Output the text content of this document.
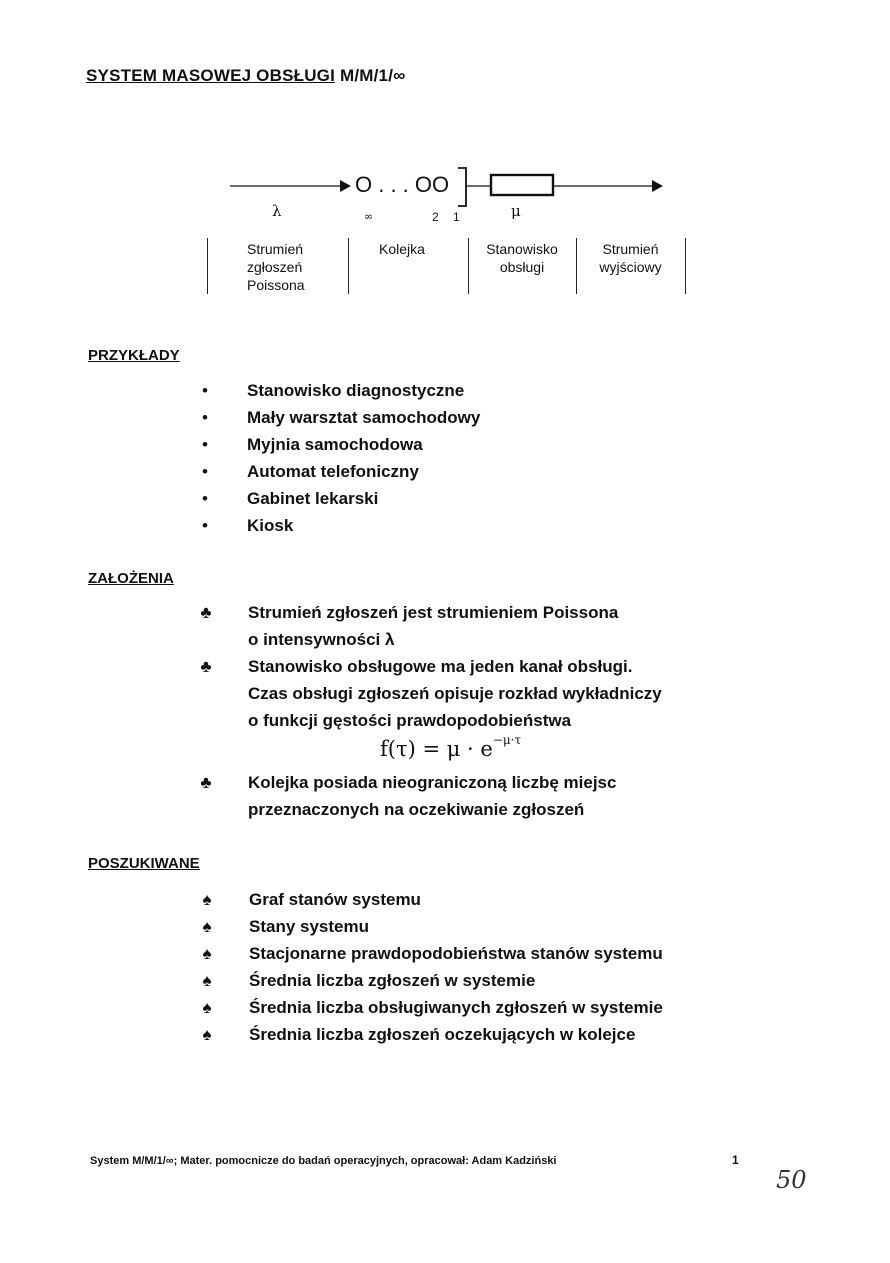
SYSTEM MASOWEJ OBSŁUGI M/M/1/∞
O . . . OO
λ	∞	2 1	μ
Strumień
zgłoszeń
Poissona
Kolejka	Stanowisko
obsługi
Strumień
wyjściowy
PRZYKŁADY
•	Stanowisko diagnostyczne
•	Mały warsztat samochodowy
•	Myjnia samochodowa
•	Automat telefoniczny
•	Gabinet lekarski
•	Kiosk
ZAŁOŻENIA
♣ Strumień zgłoszeń jest strumieniem Poissona
o intensywności λ
♣ Stanowisko obsługowe ma jeden kanał obsługi.
Czas obsługi zgłoszeń opisuje rozkład wykładniczy
o funkcji gęstości prawdopodobieństwa
$f(\tau) = \mu \cdot e^{-\mu\cdot\tau}$
♣ Kolejka posiada nieograniczoną liczbę miejsc
przeznaczonych na oczekiwanie zgłoszeń
POSZUKIWANE
♠	Graf stanów systemu
♠	Stany systemu
♠	Stacjonarne prawdopodobieństwa stanów systemu
♠	Średnia liczba zgłoszeń w systemie
♠	Średnia liczba obsługiwanych zgłoszeń w systemie
♠	Średnia liczba zgłoszeń oczekujących w kolejce
System M/M/1/∞; Mater. pomocnicze do badań operacyjnych, opracował: Adam Kadziński	1
50
